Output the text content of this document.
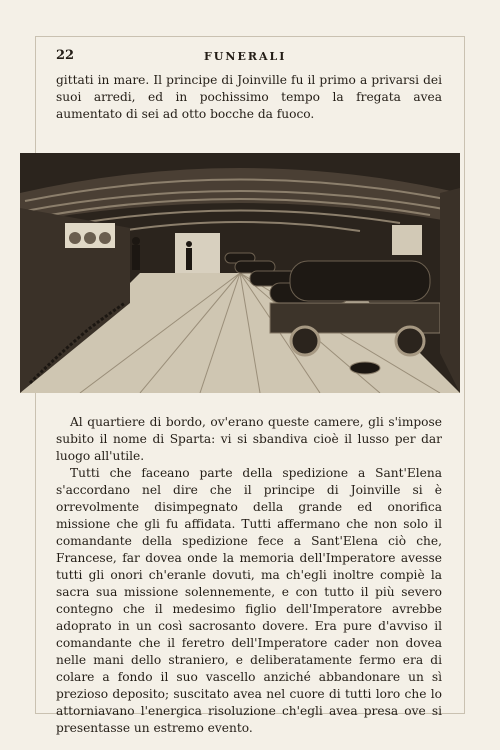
22	FUNERALI

gittati in mare. Il principe di Joinville fu il primo a privarsi dei suoi arredi, ed in pochissimo tempo la fregata avea aumentato di sei ad otto bocche da fuoco.

Al quartiere di bordo, ov'erano queste camere, gli s'impose subito il nome di Sparta: vi si sbandiva cioè il lusso per dar luogo all'utile.

Tutti che faceano parte della spedizione a Sant'Elena s'accordano nel dire che il principe di Joinville si è orrevolmente disimpegnato della grande ed onorifica missione che gli fu affidata. Tutti affermano che non solo il comandante della spedizione fece a Sant'Elena ciò che, Francese, far dovea onde la memoria dell'Imperatore avesse tutti gli onori ch'eranle dovuti, ma ch'egli inoltre compiè la sacra sua missione solennemente, e con tutto il più severo contegno che il medesimo figlio dell'Imperatore avrebbe adoprato in un così sacrosanto dovere. Era pure d'avviso il comandante che il feretro dell'Imperatore cader non dovea nelle mani dello straniero, e deliberatamente fermo era di colare a fondo il suo vascello anziché abbandonare un sì prezioso deposito; suscitato avea nel cuore di tutti loro che lo attorniavano l'energica risoluzione ch'egli avea presa ove si presentasse un estremo evento.
